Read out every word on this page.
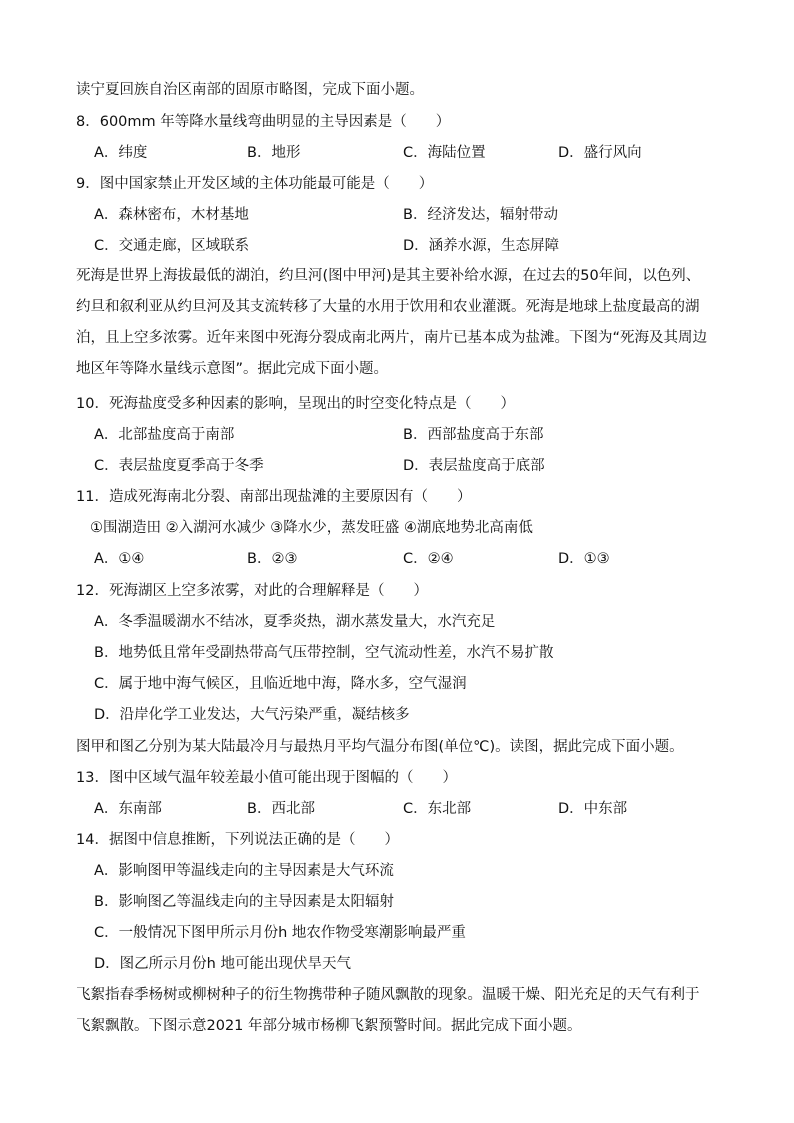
读宁夏回族自治区南部的固原市略图，完成下面小题。
8．600mm 年等降水量线弯曲明显的主导因素是（　　）
A．纬度	B．地形	C．海陆位置	D．盛行风向
9．图中国家禁止开发区域的主体功能最可能是（　　）
A．森林密布，木材基地	B．经济发达，辐射带动
C．交通走廊，区域联系	D．涵养水源，生态屏障
死海是世界上海拔最低的湖泊，约旦河(图中甲河)是其主要补给水源，在过去的50年间，以色列、
约旦和叙利亚从约旦河及其支流转移了大量的水用于饮用和农业灌溉。死海是地球上盐度最高的湖
泊，且上空多浓雾。近年来图中死海分裂成南北两片，南片已基本成为盐滩。下图为“死海及其周边
地区年等降水量线示意图”。据此完成下面小题。
10．死海盐度受多种因素的影响，呈现出的时空变化特点是（　　）
A．北部盐度高于南部	B．西部盐度高于东部
C．表层盐度夏季高于冬季	D．表层盐度高于底部
11．造成死海南北分裂、南部出现盐滩的主要原因有（　　）
①围湖造田 ②入湖河水减少 ③降水少，蒸发旺盛 ④湖底地势北高南低
A．①④	B．②③	C．②④	D．①③
12．死海湖区上空多浓雾，对此的合理解释是（　　）
A．冬季温暖湖水不结冰，夏季炎热，湖水蒸发量大，水汽充足
B．地势低且常年受副热带高气压带控制，空气流动性差，水汽不易扩散
C．属于地中海气候区，且临近地中海，降水多，空气湿润
D．沿岸化学工业发达，大气污染严重，凝结核多
图甲和图乙分别为某大陆最冷月与最热月平均气温分布图(单位℃)。读图，据此完成下面小题。
13．图中区域气温年较差最小值可能出现于图幅的（　　）
A．东南部	B．西北部	C．东北部	D．中东部
14．据图中信息推断，下列说法正确的是（　　）
A．影响图甲等温线走向的主导因素是大气环流
B．影响图乙等温线走向的主导因素是太阳辐射
C．一般情况下图甲所示月份h 地农作物受寒潮影响最严重
D．图乙所示月份h 地可能出现伏旱天气
飞絮指春季杨树或柳树种子的衍生物携带种子随风飘散的现象。温暖干燥、阳光充足的天气有利于
飞絮飘散。下图示意2021 年部分城市杨柳飞絮预警时间。据此完成下面小题。
